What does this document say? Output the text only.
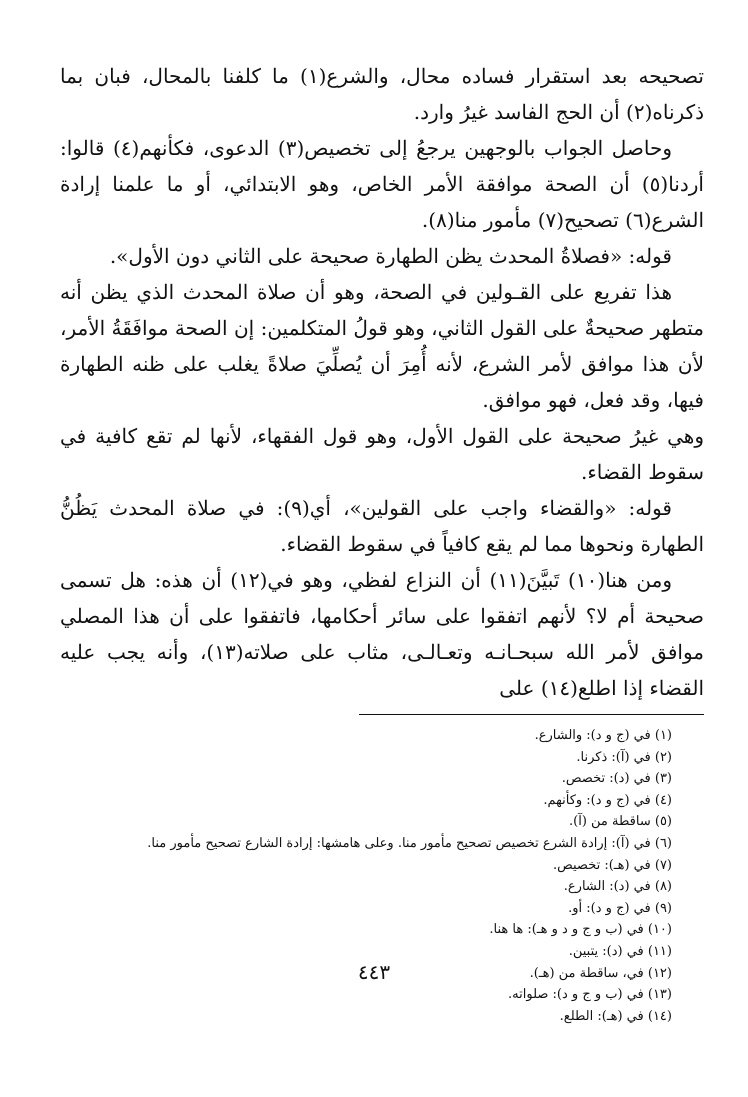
تصحيحه بعد استقرار فساده محال، والشرع(١) ما كلفنا بالمحال، فبان بما ذكرناه(٢) أن الحج الفاسد غيرُ وارد.

وحاصل الجواب بالوجهين يرجعُ إلى تخصيص(٣) الدعوى، فكأنهم(٤) قالوا: أردنا(٥) أن الصحة موافقة الأمر الخاص، وهو الابتدائي، أو ما علمنا إرادة الشرع(٦) تصحيح(٧) مأمور منا(٨).

قوله: «فصلاةُ المحدث يظن الطهارة صحيحة على الثاني دون الأول».

هذا تفريع على القـولين في الصحة، وهو أن صلاة المحدث الذي يظن أنه متطهر صحيحةٌ على القول الثاني، وهو قولُ المتكلمين: إن الصحة موافَقَةُ الأمر، لأن هذا موافق لأمر الشرع، لأنه أُمِرَ أن يُصلِّيَ صلاةً يغلب على ظنه الطهارة فيها، وقد فعل، فهو موافق.

وهي غيرُ صحيحة على القول الأول، وهو قول الفقهاء، لأنها لم تقع كافية في سقوط القضاء.

قوله: «والقضاء واجب على القولين»، أي(٩): في صلاة المحدث يَظُنُّ الطهارة ونحوها مما لم يقع كافياً في سقوط القضاء.

ومن هنا(١٠) تَبيَّنَ(١١) أن النزاع لفظي، وهو في(١٢) أن هذه: هل تسمى صحيحة أم لا؟ لأنهم اتفقوا على سائر أحكامها، فاتفقوا على أن هذا المصلي موافق لأمر الله سبحـانـه وتعـالـى، مثاب على صلاته(١٣)، وأنه يجب عليه القضاء إذا اطلع(١٤) على

(١) في (ج و د): والشارع.
(٢) في (آ): ذكرنا.
(٣) في (د): تخصص.
(٤) في (ج و د): وكأنهم.
(٥) ساقطة من (آ).
(٦) في (آ): إرادة الشرع تخصيص تصحيح مأمور منا. وعلى هامشها: إرادة الشارع تصحيح مأمور منا.
(٧) في (هـ): تخصيص.
(٨) في (د): الشارع.
(٩) في (ج و د): أو.
(١٠) في (ب و ج و د و هـ): ها هنا.
(١١) في (د): يتبين.
(١٢) في، ساقطة من (هـ).
(١٣) في (ب و ج و د): صلواته.
(١٤) في (هـ): الطلع.
٤٤٣
